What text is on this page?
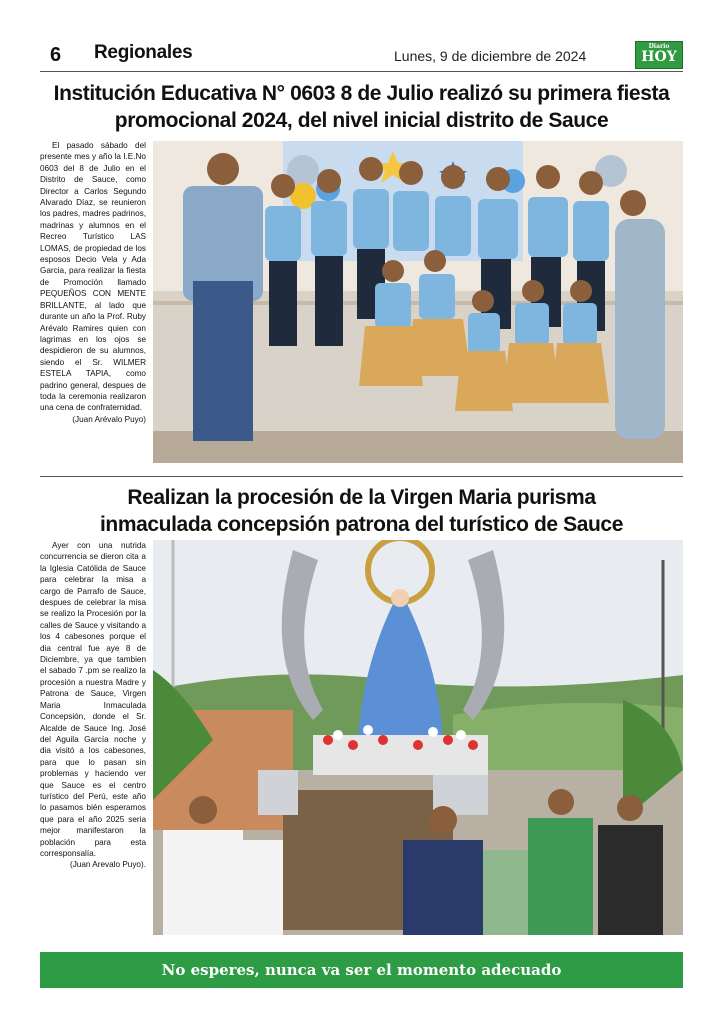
6 Regionales	Lunes, 9 de diciembre de 2024
Diario
HOY
Institución Educativa N° 0603 8 de Julio realizó su primera fiesta
promocional 2024, del nivel inicial distrito de Sauce

El pasado sábado del presente mes y año la I.E.No 0603 del 8 de Julio en el Distrito de Sauce, como Director a Carlos Segundo Alvarado Díaz, se reunieron los padres, madres padrinos, madrinas y alumnos en el Recreo Turístico LAS LOMAS, de propiedad de los esposos Decio Vela y Ada Garcia, para realizar la fiesta de Promoción llamado PEQUEÑOS CON MENTE BRILLANTE, al lado que durante un año la Prof. Ruby Arévalo Ramires quien con lagrimas en los ojos se despidieron de su alumnos, siendo el Sr. WILMER ESTELA TAPIA, como padrino general, despues de toda la ceremonia realizaron una cena de confraternidad.

(Juan Arévalo Puyo)
Realizan la procesión de la Virgen Maria purisma
inmaculada concepsión patrona del turístico de Sauce

Ayer con una nutrida concurrencia se dieron cita a la Iglesia Católida de Sauce para celebrar la misa a cargo de Parrafo de Sauce, despues de celebrar la misa se realizo la Procesión por la calles de Sauce y visitando a los 4 cabesones porque el dia central fue aye 8 de Diciembre, ya que tambien el sabado 7 .pm se realizo la procesión a nuestra Madre y Patrona de Sauce, Virgen Maria Inmaculada Concepsión, donde el Sr. Alcalde de Sauce Ing. José del Aguila García noche y dia visitó a los cabesones, para que lo pasan sin problemas y haciendo ver que Sauce es el centro turístico del Perú, este año lo pasamos bién esperamos que para el año 2025 seria mejor manifestaron la población para esta corresponsalía.

(Juan Arevalo Puyo).
No esperes, nunca va ser el momento adecuado
